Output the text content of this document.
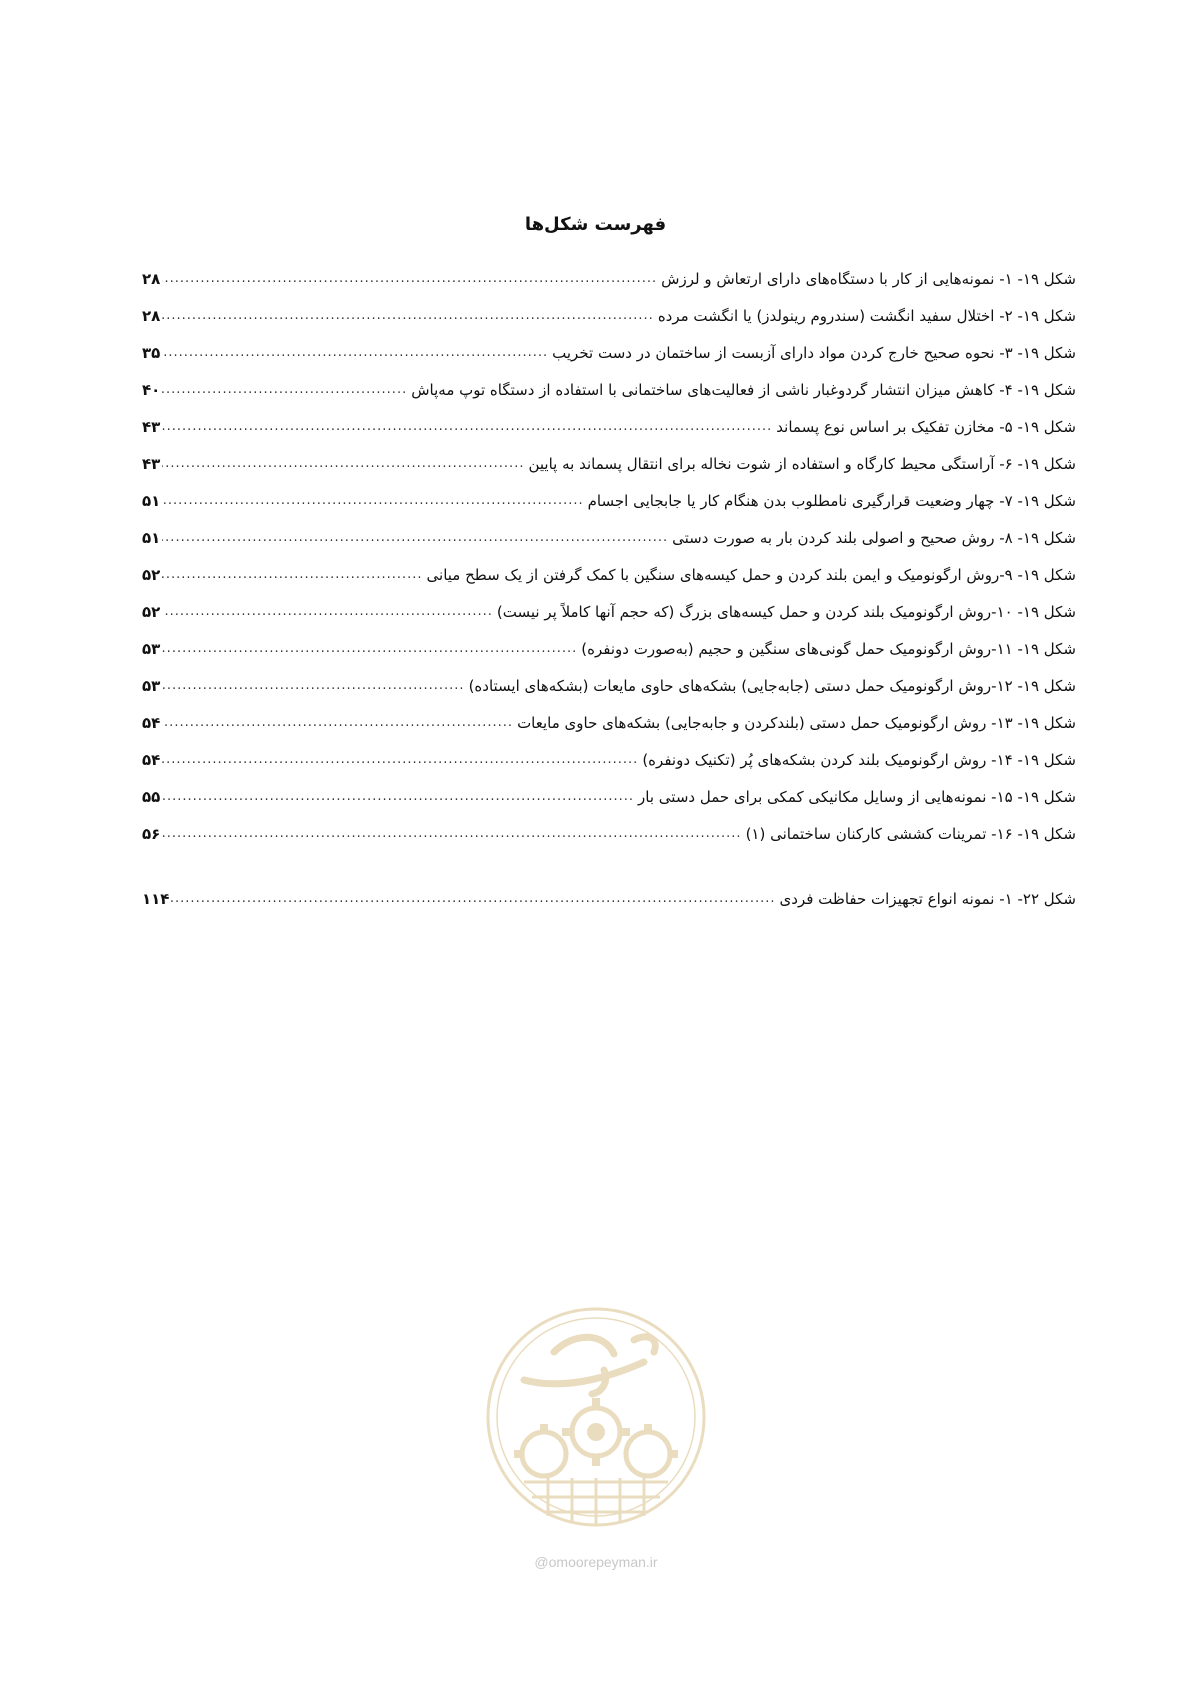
فهرست شکل‌ها
شکل ۱۹- ۱- نمونه‌هایی از کار با دستگاه‌های دارای ارتعاش و لرزش
.....
۲۸
شکل ۱۹- ۲- اختلال سفید انگشت (سندروم رینولدز) یا انگشت مرده
.....
۲۸
شکل ۱۹- ۳- نحوه صحیح خارج کردن مواد دارای آزبست از ساختمان در دست تخریب
.....
۳۵
شکل ۱۹- ۴- کاهش میزان انتشار گردوغبار ناشی از فعالیت‌های ساختمانی با استفاده از دستگاه توپ مه‌پاش
.....
۴۰
شکل ۱۹- ۵- مخازن تفکیک بر اساس نوع پسماند
.....
۴۳
شکل ۱۹- ۶- آراستگی محیط کارگاه و استفاده از شوت نخاله برای انتقال پسماند به پایین
.....
۴۳
شکل ۱۹- ۷- چهار وضعیت قرارگیری نامطلوب بدن هنگام کار یا جابجایی اجسام
.....
۵۱
شکل ۱۹- ۸- روش صحیح و اصولی بلند کردن بار به صورت دستی
.....
۵۱
شکل ۱۹- ۹-روش ارگونومیک و ایمن بلند کردن و حمل کیسه‌های سنگین با کمک گرفتن از یک سطح میانی
.....
۵۲
شکل ۱۹- ۱۰-روش ارگونومیک بلند کردن و حمل کیسه‌های بزرگ (که حجم آنها کاملاً پر نیست)
.....
۵۲
شکل ۱۹- ۱۱-روش ارگونومیک حمل گونی‌های سنگین و حجیم (به‌صورت دونفره)
.....
۵۳
شکل ۱۹- ۱۲-روش ارگونومیک حمل دستی (جابه‌جایی) بشکه‌های حاوی مایعات (بشکه‌های ایستاده)
.....
۵۳
شکل ۱۹- ۱۳- روش ارگونومیک حمل دستی (بلندکردن و جابه‌جایی) بشکه‌های حاوی مایعات
.....
۵۴
شکل ۱۹- ۱۴- روش ارگونومیک بلند کردن بشکه‌های پُر (تکنیک دونفره)
.....
۵۴
شکل ۱۹- ۱۵- نمونه‌هایی از وسایل مکانیکی کمکی برای حمل دستی بار
.....
۵۵
شکل ۱۹- ۱۶- تمرینات کششی کارکنان ساختمانی (۱)
.....
۵۶
شکل ۲۲- ۱- نمونه انواع تجهیزات حفاظت فردی
.....
۱۱۴
@omoorepeyman.ir
